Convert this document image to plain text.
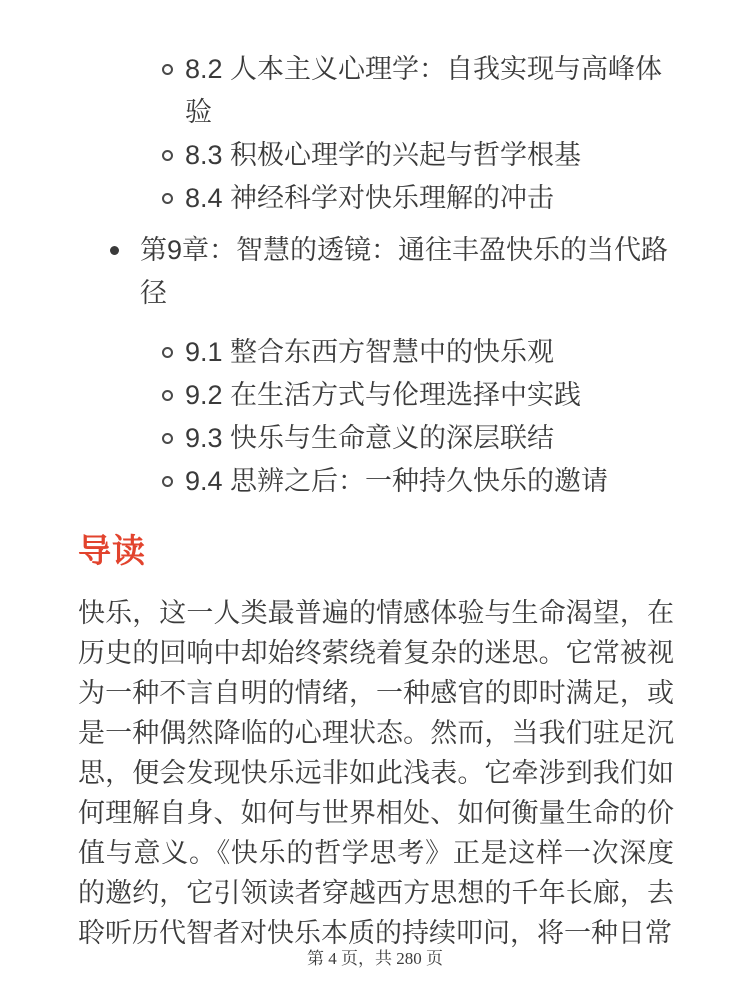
8.2 人本主义心理学：自我实现与高峰体验
8.3 积极心理学的兴起与哲学根基
8.4 神经科学对快乐理解的冲击
第9章：智慧的透镜：通往丰盈快乐的当代路径
9.1 整合东西方智慧中的快乐观
9.2 在生活方式与伦理选择中实践
9.3 快乐与生命意义的深层联结
9.4 思辨之后：一种持久快乐的邀请
导读

快乐，这一人类最普遍的情感体验与生命渴望，在历史的回响中却始终萦绕着复杂的迷思。它常被视为一种不言自明的情绪，一种感官的即时满足，或是一种偶然降临的心理状态。然而，当我们驻足沉思，便会发现快乐远非如此浅表。它牵涉到我们如何理解自身、如何与世界相处、如何衡量生命的价值与意义。《快乐的哲学思考》正是这样一次深度的邀约，它引领读者穿越西方思想的千年长廊，去聆听历代智者对快乐本质的持续叩问，将一种日常

第 4 页，共 280 页
